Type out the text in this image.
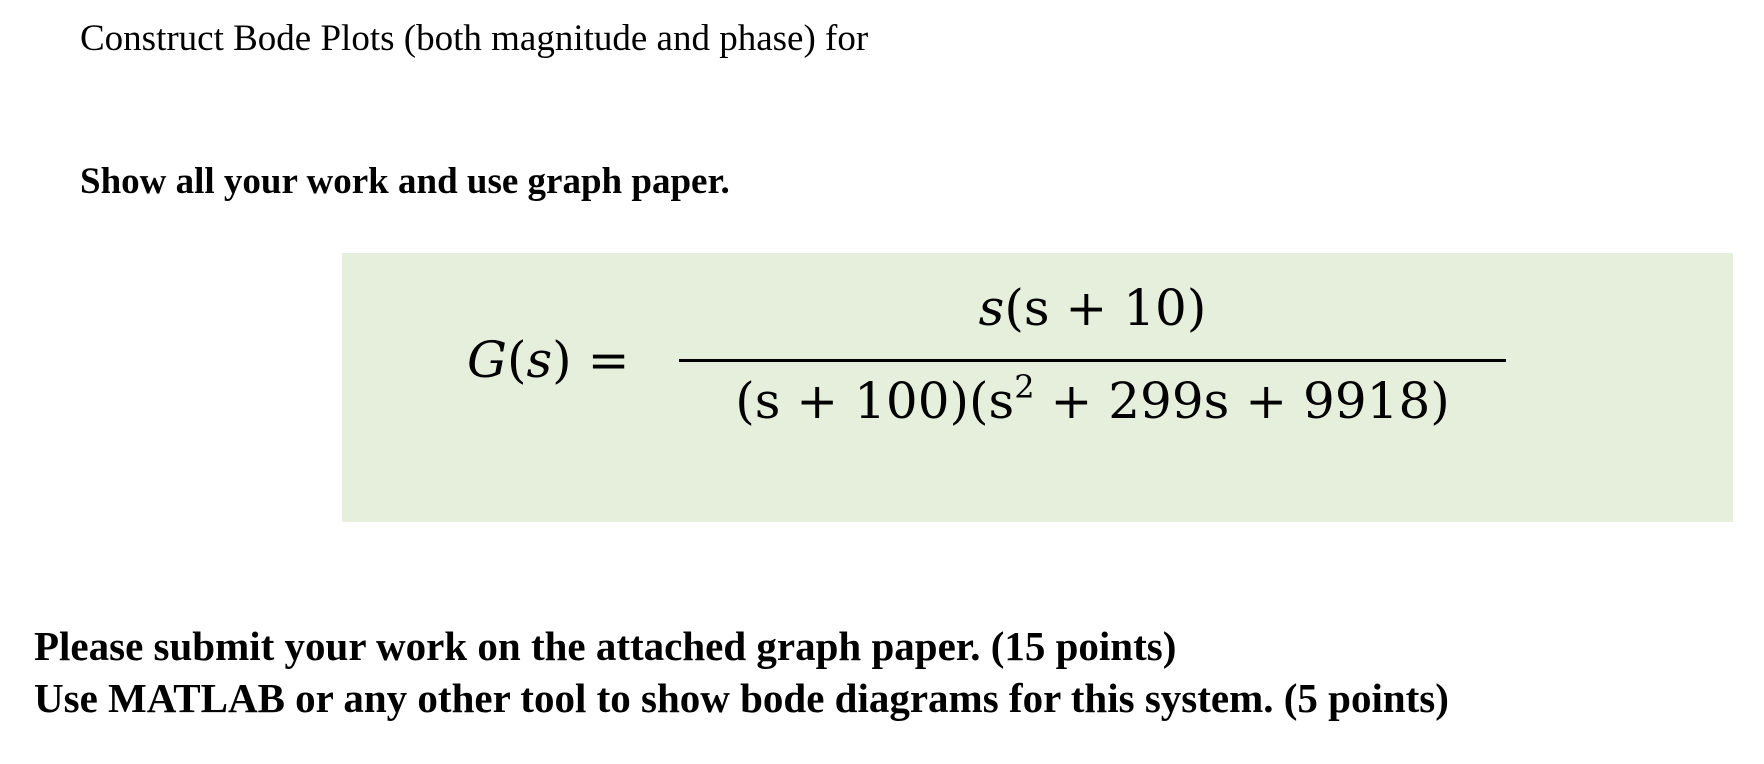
Construct Bode Plots (both magnitude and phase) for
Show all your work and use graph paper.
G(s) =
s(s + 10)
$(s + 100)(s^2 + 299s + 9918)$
Please submit your work on the attached graph paper. (15 points)
Use MATLAB or any other tool to show bode diagrams for this system. (5 points)
